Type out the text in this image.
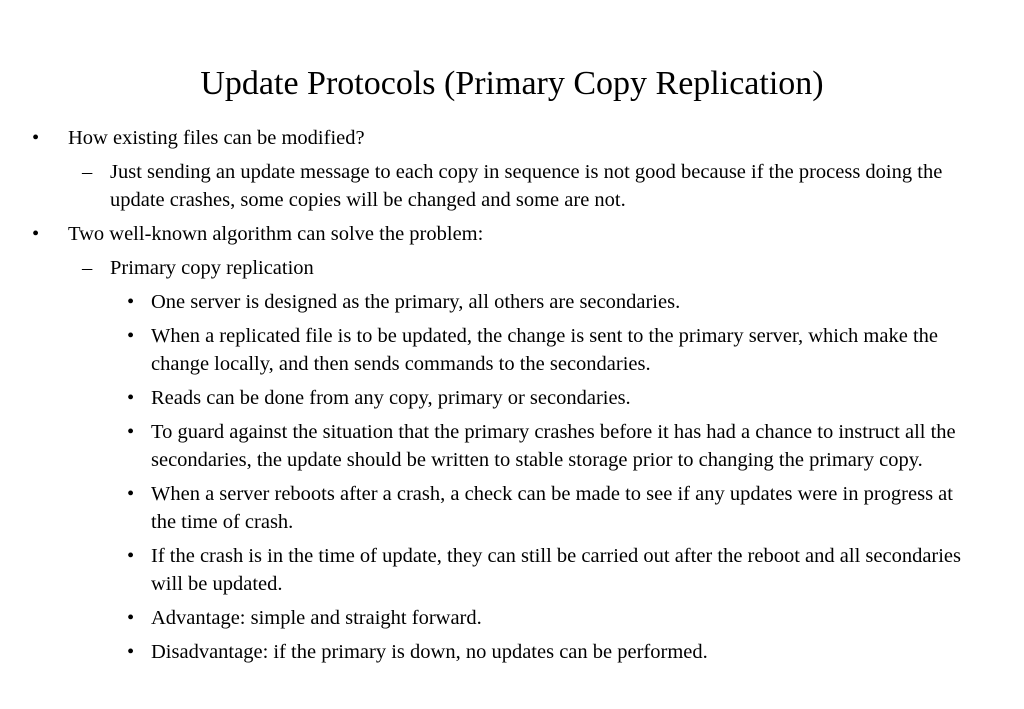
Update Protocols (Primary Copy Replication)
• How existing files can be modified?
– Just sending an update message to each copy in sequence is not good because if the process doing the update crashes, some copies will be changed and some are not.
• Two well-known algorithm can solve the problem:
– Primary copy replication
• One server is designed as the primary, all others are secondaries.
• When a replicated file is to be updated, the change is sent to the primary server, which make the change locally, and then sends commands to the secondaries.
• Reads can be done from any copy, primary or secondaries.
• To guard against the situation that the primary crashes before it has had a chance to instruct all the secondaries, the update should be written to stable storage prior to changing the primary copy.
• When a server reboots after a crash, a check can be made to see if any updates were in progress at the time of crash.
• If the crash is in the time of update, they can still be carried out after the reboot and all secondaries will be updated.
• Advantage: simple and straight forward.
• Disadvantage: if the primary is down, no updates can be performed.
